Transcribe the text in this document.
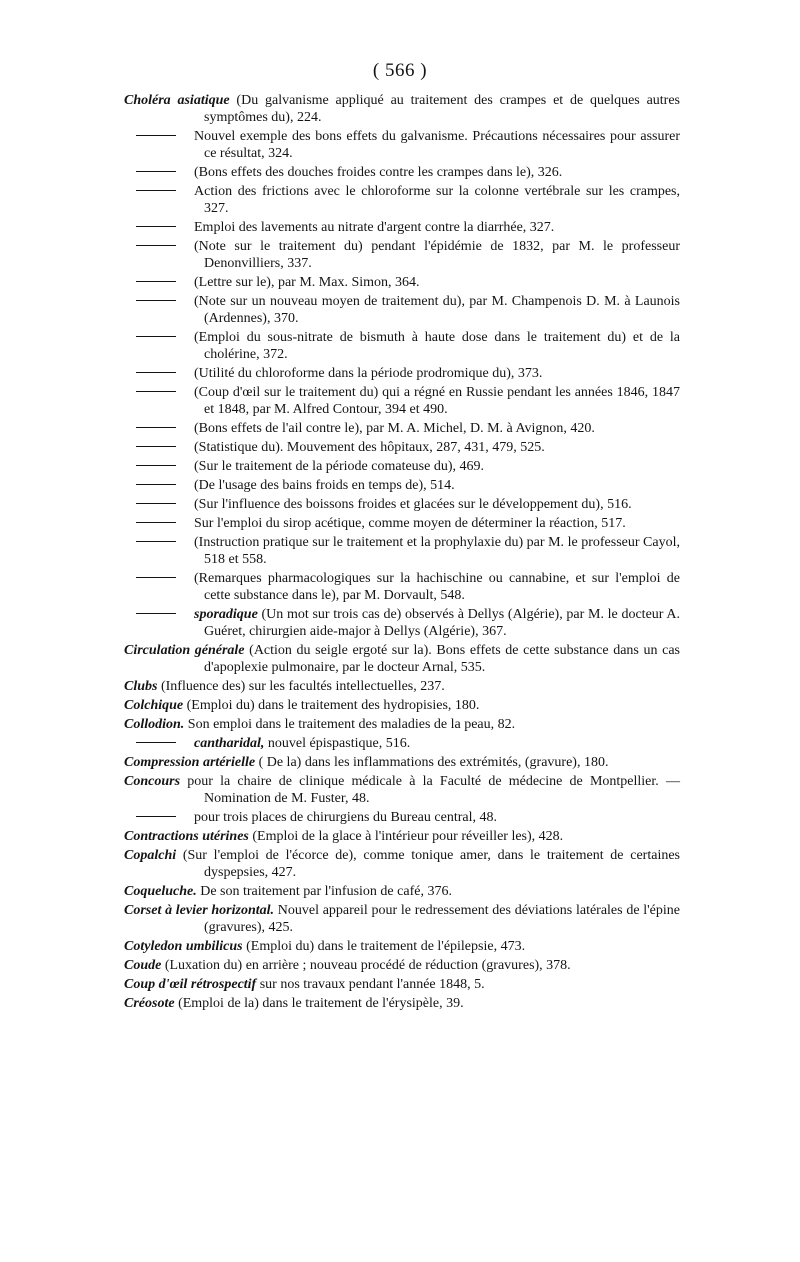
( 566 )

Choléra asiatique (Du galvanisme appliqué au traitement des crampes et de quelques autres symptômes du), 224.

Nouvel exemple des bons effets du galvanisme. Précautions nécessaires pour assurer ce résultat, 324.

(Bons effets des douches froides contre les crampes dans le), 326.

Action des frictions avec le chloroforme sur la colonne vertébrale sur les crampes, 327.

Emploi des lavements au nitrate d'argent contre la diarrhée, 327.

(Note sur le traitement du) pendant l'épidémie de 1832, par M. le professeur Denonvilliers, 337.

(Lettre sur le), par M. Max. Simon, 364.

(Note sur un nouveau moyen de traitement du), par M. Champenois D. M. à Launois (Ardennes), 370.

(Emploi du sous-nitrate de bismuth à haute dose dans le traitement du) et de la cholérine, 372.

(Utilité du chloroforme dans la période prodromique du), 373.

(Coup d'œil sur le traitement du) qui a régné en Russie pendant les années 1846, 1847 et 1848, par M. Alfred Contour, 394 et 490.

(Bons effets de l'ail contre le), par M. A. Michel, D. M. à Avignon, 420.

(Statistique du). Mouvement des hôpitaux, 287, 431, 479, 525.

(Sur le traitement de la période comateuse du), 469.

(De l'usage des bains froids en temps de), 514.

(Sur l'influence des boissons froides et glacées sur le développement du), 516.

Sur l'emploi du sirop acétique, comme moyen de déterminer la réaction, 517.

(Instruction pratique sur le traitement et la prophylaxie du) par M. le professeur Cayol, 518 et 558.

(Remarques pharmacologiques sur la hachischine ou cannabine, et sur l'emploi de cette substance dans le), par M. Dorvault, 548.

sporadique (Un mot sur trois cas de) observés à Dellys (Algérie), par M. le docteur A. Guéret, chirurgien aide-major à Dellys (Algérie), 367.

Circulation générale (Action du seigle ergoté sur la). Bons effets de cette substance dans un cas d'apoplexie pulmonaire, par le docteur Arnal, 535.

Clubs (Influence des) sur les facultés intellectuelles, 237.

Colchique (Emploi du) dans le traitement des hydropisies, 180.

Collodion. Son emploi dans le traitement des maladies de la peau, 82.

cantharidal, nouvel épispastique, 516.

Compression artérielle ( De la) dans les inflammations des extrémités, (gravure), 180.

Concours pour la chaire de clinique médicale à la Faculté de médecine de Montpellier. —Nomination de M. Fuster, 48.

pour trois places de chirurgiens du Bureau central, 48.

Contractions utérines (Emploi de la glace à l'intérieur pour réveiller les), 428.

Copalchi (Sur l'emploi de l'écorce de), comme tonique amer, dans le traitement de certaines dyspepsies, 427.

Coqueluche. De son traitement par l'infusion de café, 376.

Corset à levier horizontal. Nouvel appareil pour le redressement des déviations latérales de l'épine (gravures), 425.

Cotyledon umbilicus (Emploi du) dans le traitement de l'épilepsie, 473.

Coude (Luxation du) en arrière ; nouveau procédé de réduction (gravures), 378.

Coup d'œil rétrospectif sur nos travaux pendant l'année 1848, 5.

Créosote (Emploi de la) dans le traitement de l'érysipèle, 39.
